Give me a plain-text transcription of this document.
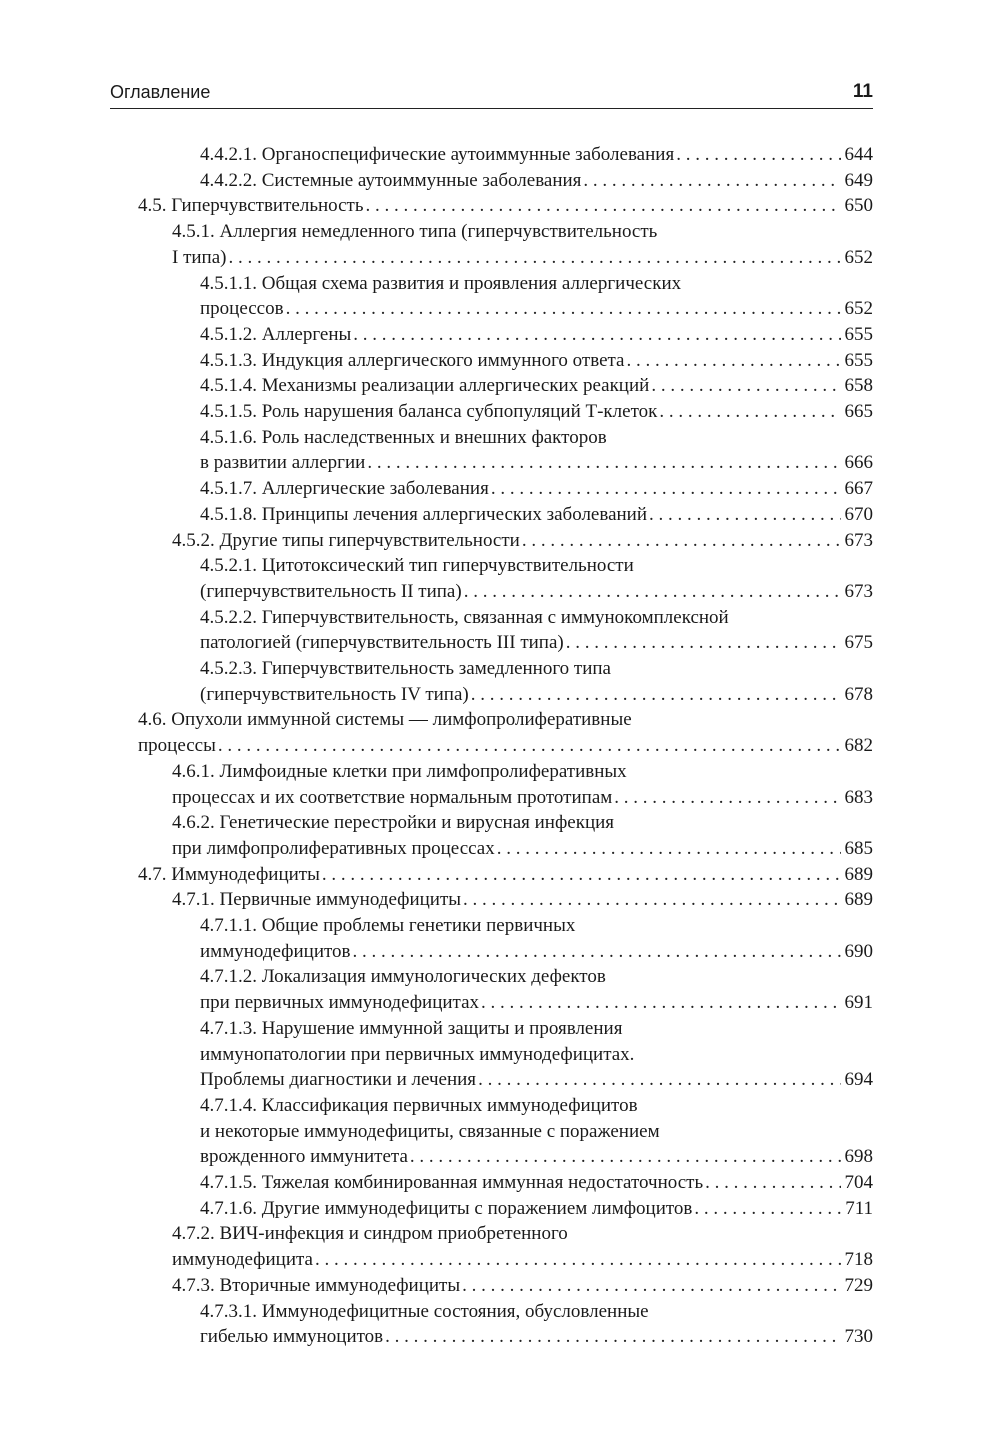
Оглавление	11
4.4.2.1. Органоспецифические аутоиммунные заболевания . . .	644
4.4.2.2. Системные аутоиммунные заболевания . . .	649
4.5. Гиперчувствительность . . .	650
4.5.1. Аллергия немедленного типа (гиперчувствительность
I типа) . . .	652
4.5.1.1. Общая схема развития и проявления аллергических
процессов . . .	652
4.5.1.2. Аллергены . . .	655
4.5.1.3. Индукция аллергического иммунного ответа . . .	655
4.5.1.4. Механизмы реализации аллергических реакций . . .	658
4.5.1.5. Роль нарушения баланса субпопуляций Т-клеток . . .	665
4.5.1.6. Роль наследственных и внешних факторов
в развитии аллергии . . .	666
4.5.1.7. Аллергические заболевания . . .	667
4.5.1.8. Принципы лечения аллергических заболеваний . . .	670
4.5.2. Другие типы гиперчувствительности . . .	673
4.5.2.1. Цитотоксический тип гиперчувствительности
(гиперчувствительность II типа) . . .	673
4.5.2.2. Гиперчувствительность, связанная с иммунокомплексной
патологией (гиперчувствительность III типа) . . .	675
4.5.2.3. Гиперчувствительность замедленного типа
(гиперчувствительность IV типа) . . .	678
4.6. Опухоли иммунной системы — лимфопролиферативные
процессы . . .	682
4.6.1. Лимфоидные клетки при лимфопролиферативных
процессах и их соответствие нормальным прототипам . . .	683
4.6.2. Генетические перестройки и вирусная инфекция
при лимфопролиферативных процессах . . .	685
4.7. Иммунодефициты . . .	689
4.7.1. Первичные иммунодефициты . . .	689
4.7.1.1. Общие проблемы генетики первичных
иммунодефицитов . . .	690
4.7.1.2. Локализация иммунологических дефектов
при первичных иммунодефицитах . . .	691
4.7.1.3. Нарушение иммунной защиты и проявления
иммунопатологии при первичных иммунодефицитах.
Проблемы диагностики и лечения . . .	694
4.7.1.4. Классификация первичных иммунодефицитов
и некоторые иммунодефициты, связанные с поражением
врожденного иммунитета . . .	698
4.7.1.5. Тяжелая комбинированная иммунная недостаточность . . .	704
4.7.1.6. Другие иммунодефициты с поражением лимфоцитов . . .	711
4.7.2. ВИЧ-инфекция и синдром приобретенного
иммунодефицита . . .	718
4.7.3. Вторичные иммунодефициты . . .	729
4.7.3.1. Иммунодефицитные состояния, обусловленные
гибелью иммуноцитов . . .	730
